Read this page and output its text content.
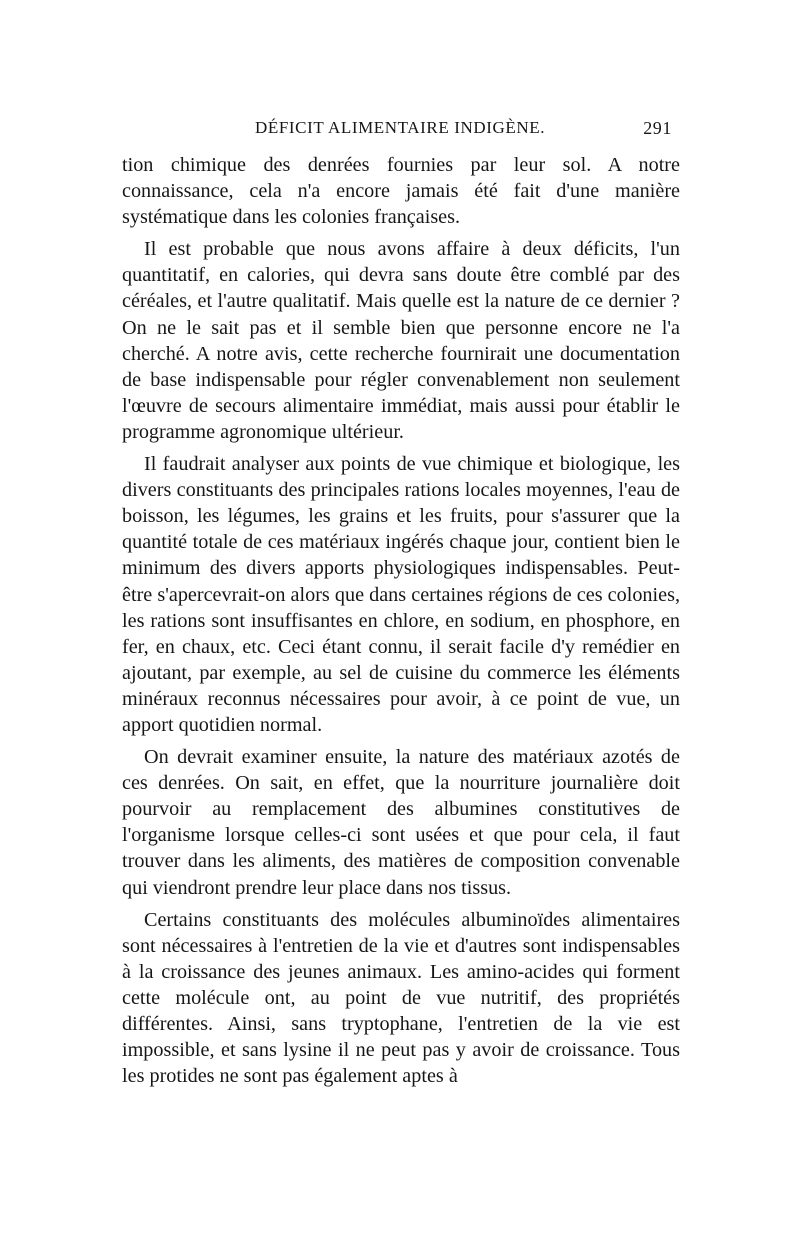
DÉFICIT ALIMENTAIRE INDIGÈNE.	291

tion chimique des denrées fournies par leur sol. A notre connaissance, cela n'a encore jamais été fait d'une manière systématique dans les colonies françaises.

Il est probable que nous avons affaire à deux déficits, l'un quantitatif, en calories, qui devra sans doute être comblé par des céréales, et l'autre qualitatif. Mais quelle est la nature de ce dernier ? On ne le sait pas et il semble bien que personne encore ne l'a cherché. A notre avis, cette recherche fournirait une documentation de base indispensable pour régler convenablement non seulement l'œuvre de secours alimentaire immédiat, mais aussi pour établir le programme agronomique ultérieur.

Il faudrait analyser aux points de vue chimique et biologique, les divers constituants des principales rations locales moyennes, l'eau de boisson, les légumes, les grains et les fruits, pour s'assurer que la quantité totale de ces matériaux ingérés chaque jour, contient bien le minimum des divers apports physiologiques indispensables. Peut-être s'apercevrait-on alors que dans certaines régions de ces colonies, les rations sont insuffisantes en chlore, en sodium, en phosphore, en fer, en chaux, etc. Ceci étant connu, il serait facile d'y remédier en ajoutant, par exemple, au sel de cuisine du commerce les éléments minéraux reconnus nécessaires pour avoir, à ce point de vue, un apport quotidien normal.

On devrait examiner ensuite, la nature des matériaux azotés de ces denrées. On sait, en effet, que la nourriture journalière doit pourvoir au remplacement des albumines constitutives de l'organisme lorsque celles-ci sont usées et que pour cela, il faut trouver dans les aliments, des matières de composition convenable qui viendront prendre leur place dans nos tissus.

Certains constituants des molécules albuminoïdes alimentaires sont nécessaires à l'entretien de la vie et d'autres sont indispensables à la croissance des jeunes animaux. Les amino-acides qui forment cette molécule ont, au point de vue nutritif, des propriétés différentes. Ainsi, sans tryptophane, l'entretien de la vie est impossible, et sans lysine il ne peut pas y avoir de croissance. Tous les protides ne sont pas également aptes à
